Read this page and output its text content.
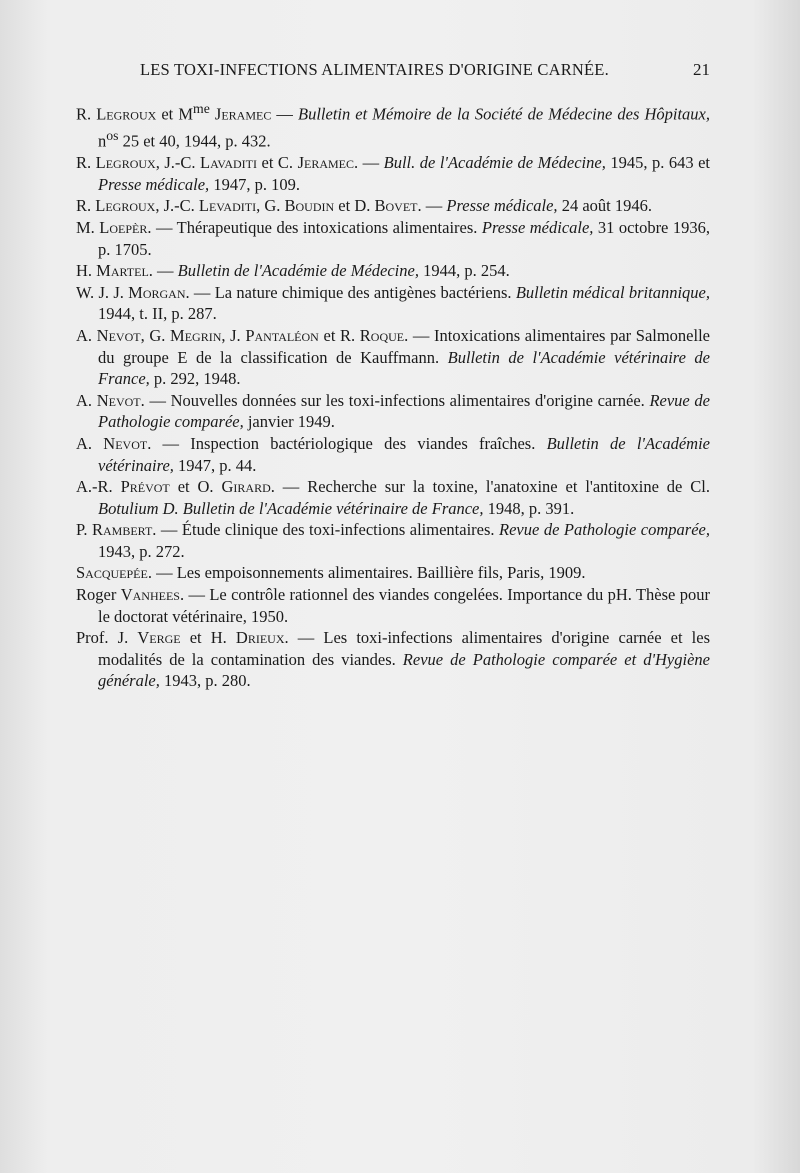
LES TOXI-INFECTIONS ALIMENTAIRES D'ORIGINE CARNÉE.	21

R. Legroux et $M^{me}$ Jeramec — Bulletin et Mémoire de la Société de Médecine des Hôpitaux, $n^{os}$ 25 et 40, 1944, p. 432.

R. Legroux, J.-C. Lavaditi et C. Jeramec. — Bull. de l'Académie de Médecine, 1945, p. 643 et Presse médicale, 1947, p. 109.

R. Legroux, J.-C. Levaditi, G. Boudin et D. Bovet. — Presse médicale, 24 août 1946.

M. Loepèr. — Thérapeutique des intoxications alimentaires. Presse médicale, 31 octobre 1936, p. 1705.

H. Martel. — Bulletin de l'Académie de Médecine, 1944, p. 254.

W. J. J. Morgan. — La nature chimique des antigènes bactériens. Bulletin médical britannique, 1944, t. II, p. 287.

A. Nevot, G. Megrin, J. Pantaléon et R. Roque. — Intoxications alimentaires par Salmonelle du groupe E de la classification de Kauffmann. Bulletin de l'Académie vétérinaire de France, p. 292, 1948.

A. Nevot. — Nouvelles données sur les toxi-infections alimentaires d'origine carnée. Revue de Pathologie comparée, janvier 1949.

A. Nevot. — Inspection bactériologique des viandes fraîches. Bulletin de l'Académie vétérinaire, 1947, p. 44.

A.-R. Prévot et O. Girard. — Recherche sur la toxine, l'anatoxine et l'antitoxine de Cl. Botulium D. Bulletin de l'Académie vétérinaire de France, 1948, p. 391.

P. Rambert. — Étude clinique des toxi-infections alimentaires. Revue de Pathologie comparée, 1943, p. 272.

Sacquepée. — Les empoisonnements alimentaires. Baillière fils, Paris, 1909.

Roger Vanhees. — Le contrôle rationnel des viandes congelées. Importance du pH. Thèse pour le doctorat vétérinaire, 1950.

Prof. J. Verge et H. Drieux. — Les toxi-infections alimentaires d'origine carnée et les modalités de la contamination des viandes. Revue de Pathologie comparée et d'Hygiène générale, 1943, p. 280.
